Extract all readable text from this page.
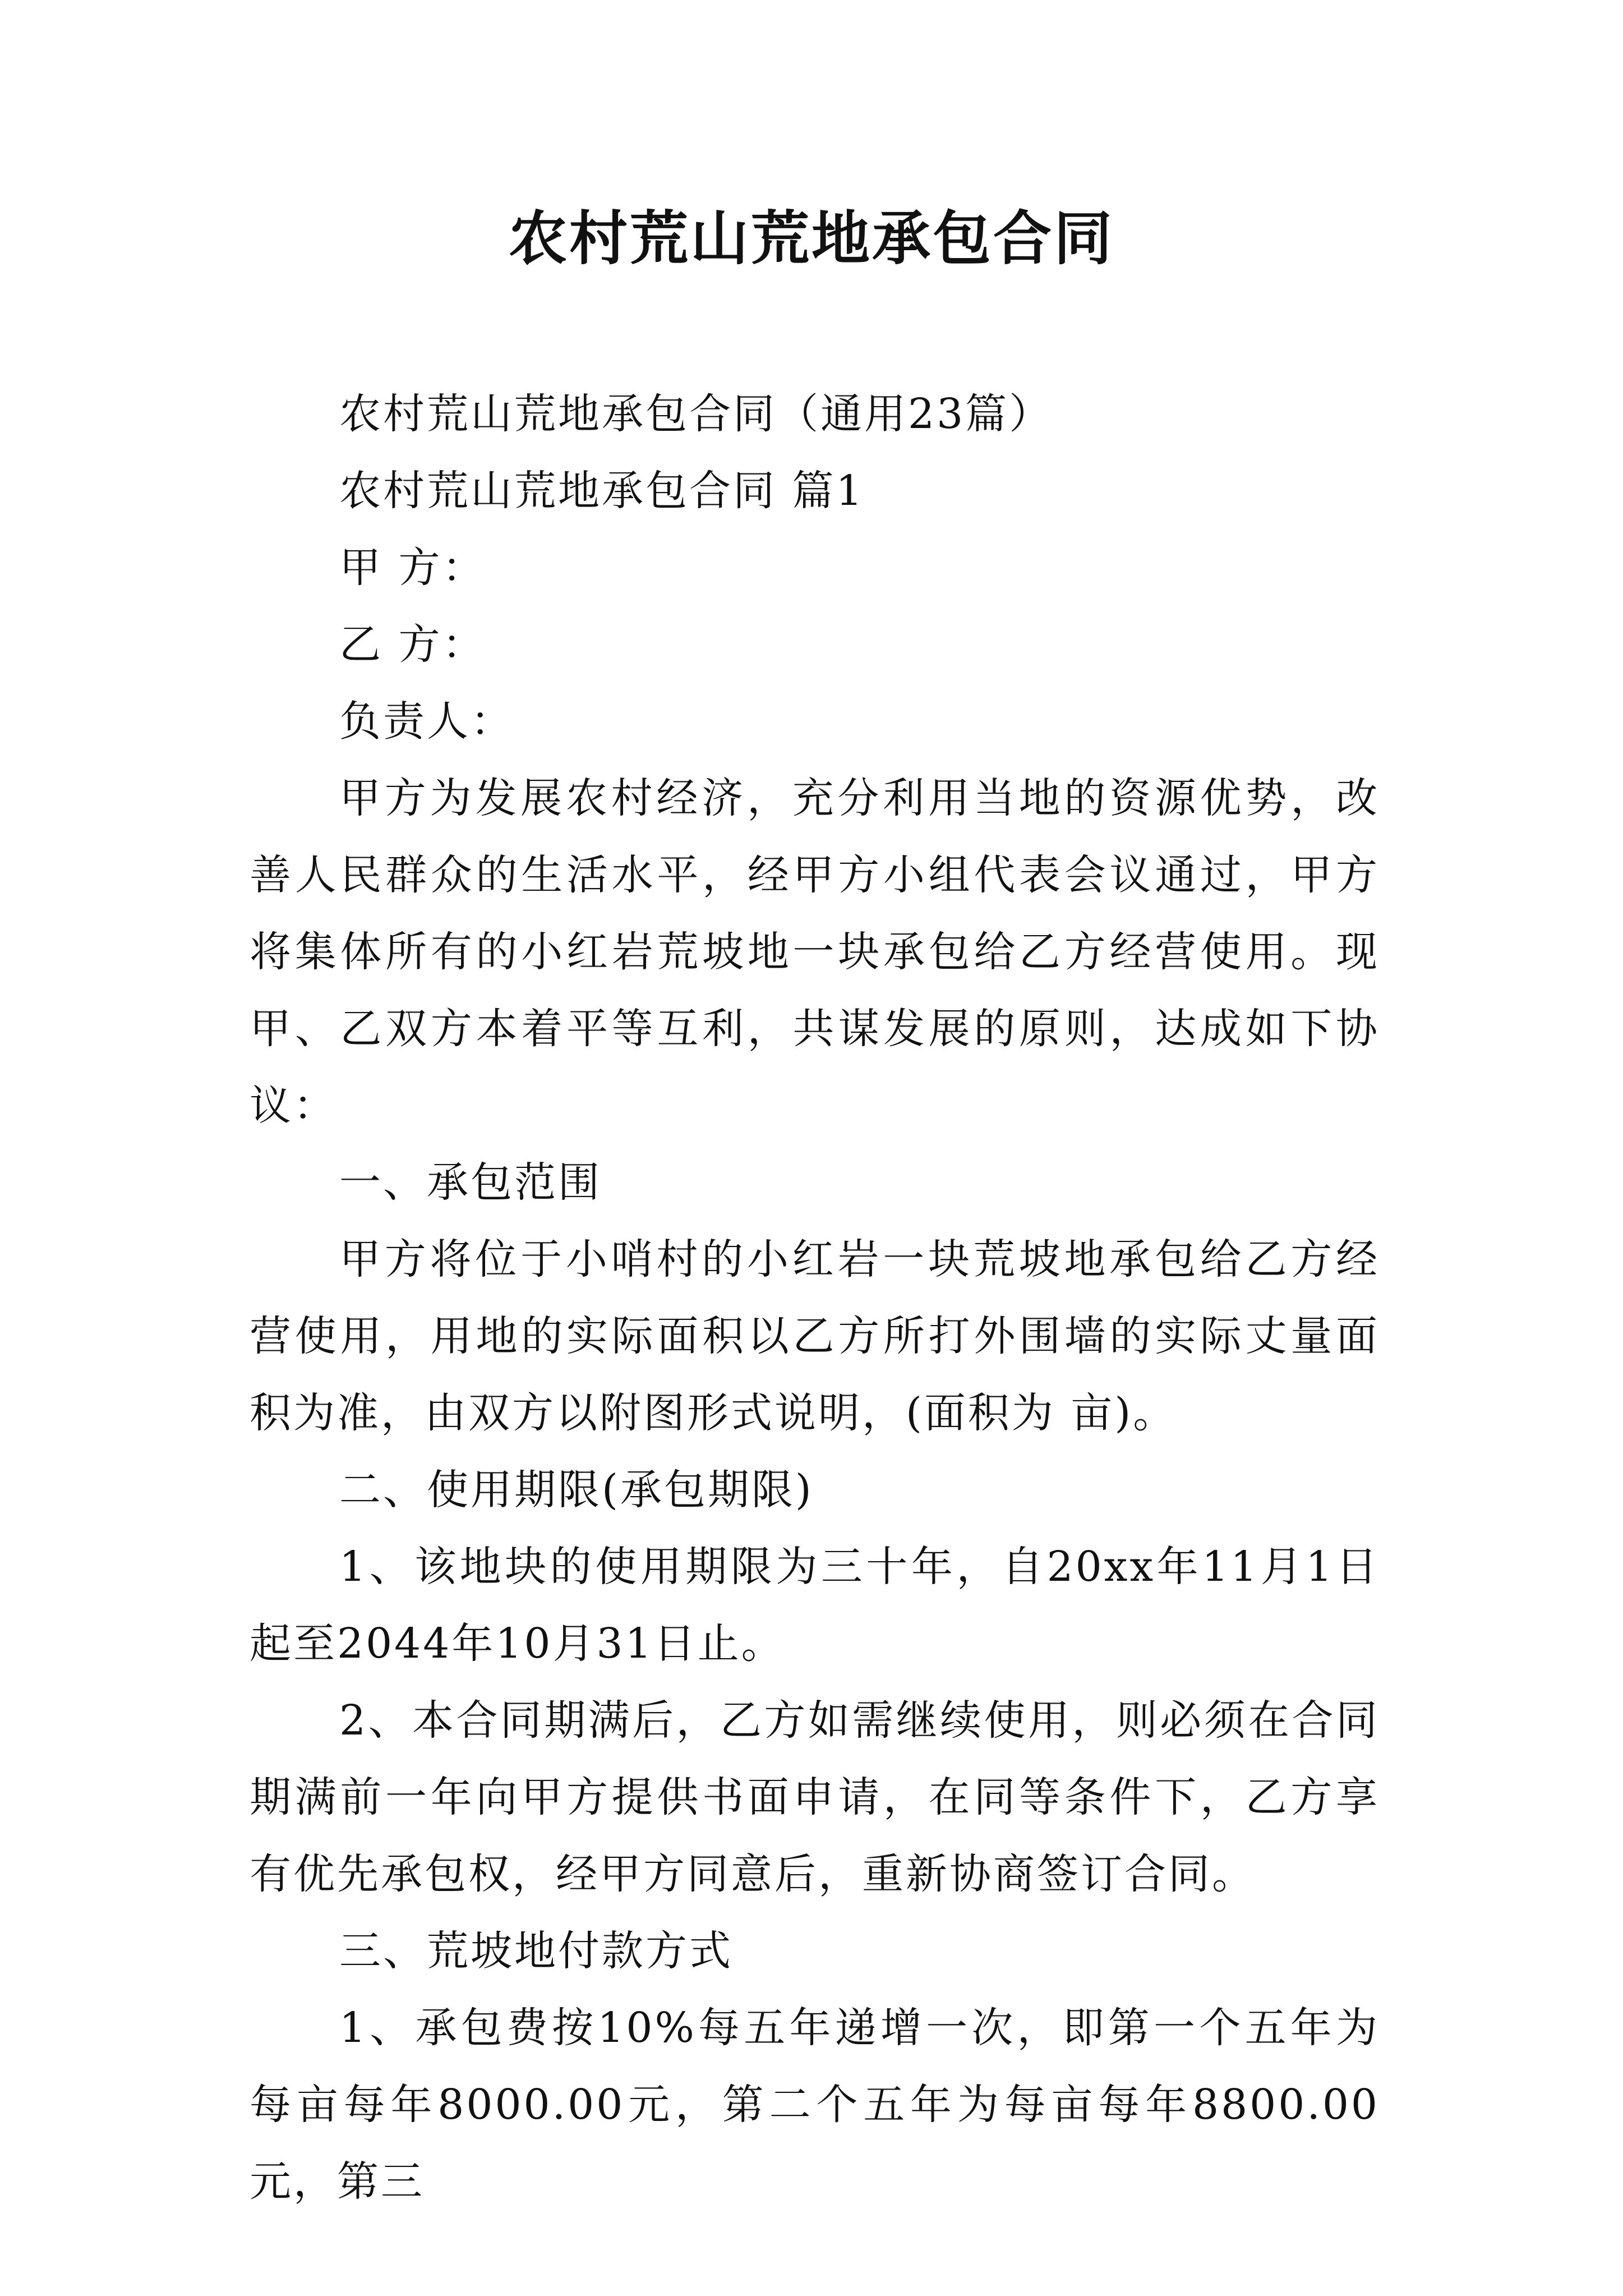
农村荒山荒地承包合同

农村荒山荒地承包合同（通用23篇）

农村荒山荒地承包合同 篇1

甲 方：

乙 方：

负责人：

甲方为发展农村经济，充分利用当地的资源优势，改善人民群众的生活水平，经甲方小组代表会议通过，甲方将集体所有的小红岩荒坡地一块承包给乙方经营使用。现甲、乙双方本着平等互利，共谋发展的原则，达成如下协议：

一、承包范围

甲方将位于小哨村的小红岩一块荒坡地承包给乙方经营使用，用地的实际面积以乙方所打外围墙的实际丈量面积为准，由双方以附图形式说明，(面积为 亩)。

二、使用期限(承包期限)

1、该地块的使用期限为三十年，自20xx年11月1日起至2044年10月31日止。

2、本合同期满后，乙方如需继续使用，则必须在合同期满前一年向甲方提供书面申请，在同等条件下，乙方享有优先承包权，经甲方同意后，重新协商签订合同。

三、荒坡地付款方式

1、承包费按10%每五年递增一次，即第一个五年为每亩每年8000.00元，第二个五年为每亩每年8800.00元，第三
